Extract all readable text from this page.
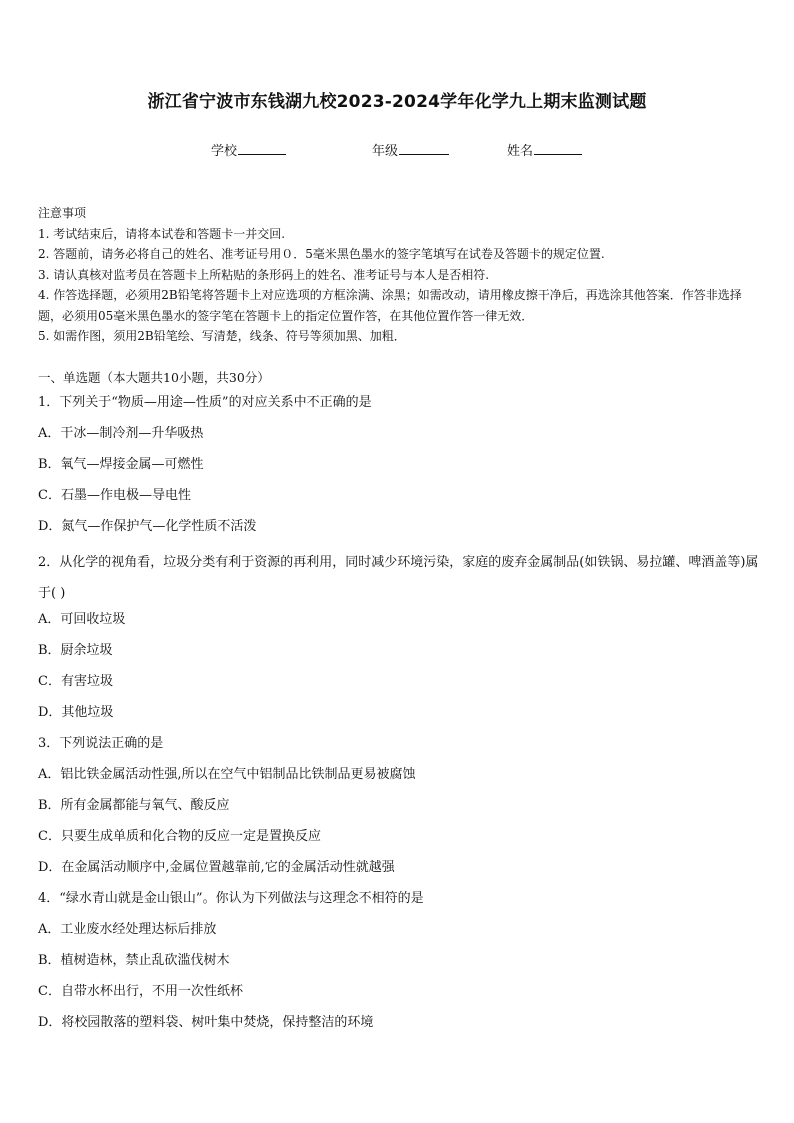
浙江省宁波市东钱湖九校2023-2024学年化学九上期末监测试题
学校	年级	姓名

注意事项

1. 考试结束后，请将本试卷和答题卡一并交回.

2. 答题前，请务必将自己的姓名、准考证号用０．5毫米黑色墨水的签字笔填写在试卷及答题卡的规定位置.

3. 请认真核对监考员在答题卡上所粘贴的条形码上的姓名、准考证号与本人是否相符.

4. 作答选择题，必须用2B铅笔将答题卡上对应选项的方框涂满、涂黑；如需改动，请用橡皮擦干净后，再选涂其他答案．作答非选择题，必须用05毫米黑色墨水的签字笔在答题卡上的指定位置作答，在其他位置作答一律无效．

5. 如需作图，须用2B铅笔绘、写清楚，线条、符号等须加黑、加粗．

一、单选题（本大题共10小题，共30分）
1．下列关于“物质—用途—性质”的对应关系中不正确的是
A．干冰—制冷剂—升华吸热
B．氧气—焊接金属—可燃性
C．石墨—作电极—导电性
D．氮气—作保护气—化学性质不活泼
2．从化学的视角看，垃圾分类有利于资源的再利用，同时减少环境污染，家庭的废弃金属制品(如铁锅、易拉罐、啤酒盖等)属于( )
A．可回收垃圾
B．厨余垃圾
C．有害垃圾
D．其他垃圾
3．下列说法正确的是
A．铝比铁金属活动性强,所以在空气中铝制品比铁制品更易被腐蚀
B．所有金属都能与氧气、酸反应
C．只要生成单质和化合物的反应一定是置换反应
D．在金属活动顺序中,金属位置越靠前,它的金属活动性就越强
4．“绿水青山就是金山银山”。你认为下列做法与这理念不相符的是
A．工业废水经处理达标后排放
B．植树造林，禁止乱砍滥伐树木
C．自带水杯出行，不用一次性纸杯
D．将校园散落的塑料袋、树叶集中焚烧，保持整洁的环境
